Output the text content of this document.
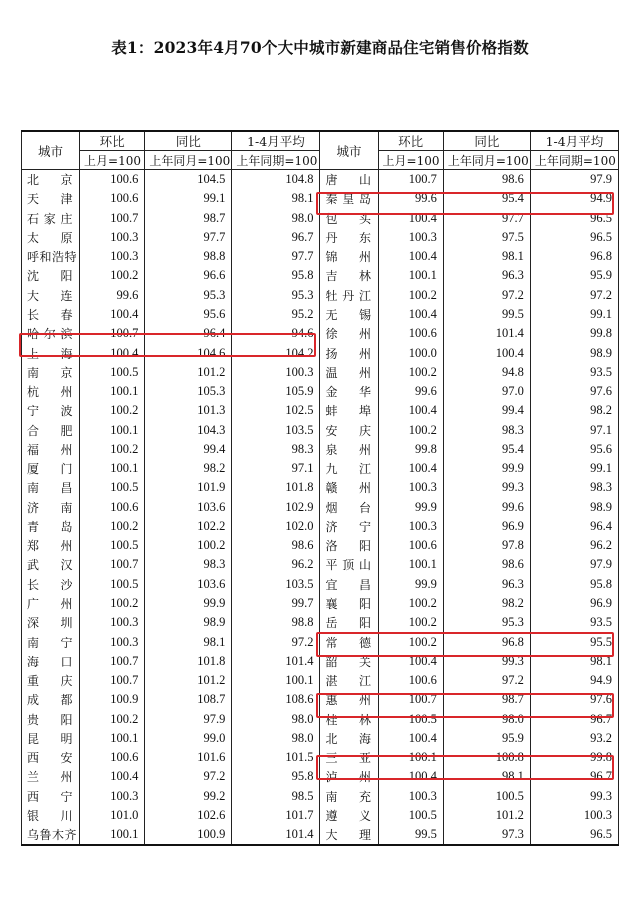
表1：2023年4月70个大中城市新建商品住宅销售价格指数
城市	环比	同比	1-4月平均	城市	环比	同比	1-4月平均
	上月=100	上年同月=100	上年同期=100		上月=100	上年同月=100	上年同期=100
北　京	100.6	104.5	104.8	唐　山	100.7	98.6	97.9
天　津	100.6	99.1	98.1	秦皇岛	99.6	95.4	94.9
石家庄	100.7	98.7	98.0	包　头	100.4	97.7	96.5
太　原	100.3	97.7	96.7	丹　东	100.3	97.5	96.5
呼和浩特	100.3	98.8	97.7	锦　州	100.4	98.1	96.8
沈　阳	100.2	96.6	95.8	吉　林	100.1	96.3	95.9
大　连	99.6	95.3	95.3	牡丹江	100.2	97.2	97.2
长　春	100.4	95.6	95.2	无　锡	100.4	99.5	99.1
哈尔滨	100.7	96.4	94.6	徐　州	100.6	101.4	99.8
上　海	100.4	104.6	104.2	扬　州	100.0	100.4	98.9
南　京	100.5	101.2	100.3	温　州	100.2	94.8	93.5
杭　州	100.1	105.3	105.9	金　华	99.6	97.0	97.6
宁　波	100.2	101.3	102.5	蚌　埠	100.4	99.4	98.2
合　肥	100.1	104.3	103.5	安　庆	100.2	98.3	97.1
福　州	100.2	99.4	98.3	泉　州	99.8	95.4	95.6
厦　门	100.1	98.2	97.1	九　江	100.4	99.9	99.1
南　昌	100.5	101.9	101.8	赣　州	100.3	99.3	98.3
济　南	100.6	103.6	102.9	烟　台	99.9	99.6	98.9
青　岛	100.2	102.2	102.0	济　宁	100.3	96.9	96.4
郑　州	100.5	100.2	98.6	洛　阳	100.6	97.8	96.2
武　汉	100.7	98.3	96.2	平顶山	100.1	98.6	97.9
长　沙	100.5	103.6	103.5	宜　昌	99.9	96.3	95.8
广　州	100.2	99.9	99.7	襄　阳	100.2	98.2	96.9
深　圳	100.3	98.9	98.8	岳　阳	100.2	95.3	93.5
南　宁	100.3	98.1	97.2	常　德	100.2	96.8	95.5
海　口	100.7	101.8	101.4	韶　关	100.4	99.3	98.1
重　庆	100.7	101.2	100.1	湛　江	100.6	97.2	94.9
成　都	100.9	108.7	108.6	惠　州	100.7	98.7	97.6
贵　阳	100.2	97.9	98.0	桂　林	100.5	98.0	96.7
昆　明	100.1	99.0	98.0	北　海	100.4	95.9	93.2
西　安	100.6	101.6	101.5	三　亚	100.1	100.8	99.8
兰　州	100.4	97.2	95.8	泸　州	100.4	98.1	96.7
西　宁	100.3	99.2	98.5	南　充	100.3	100.5	99.3
银　川	101.0	102.6	101.7	遵　义	100.5	101.2	100.3
乌鲁木齐	100.1	100.9	101.4	大　理	99.5	97.3	96.5
